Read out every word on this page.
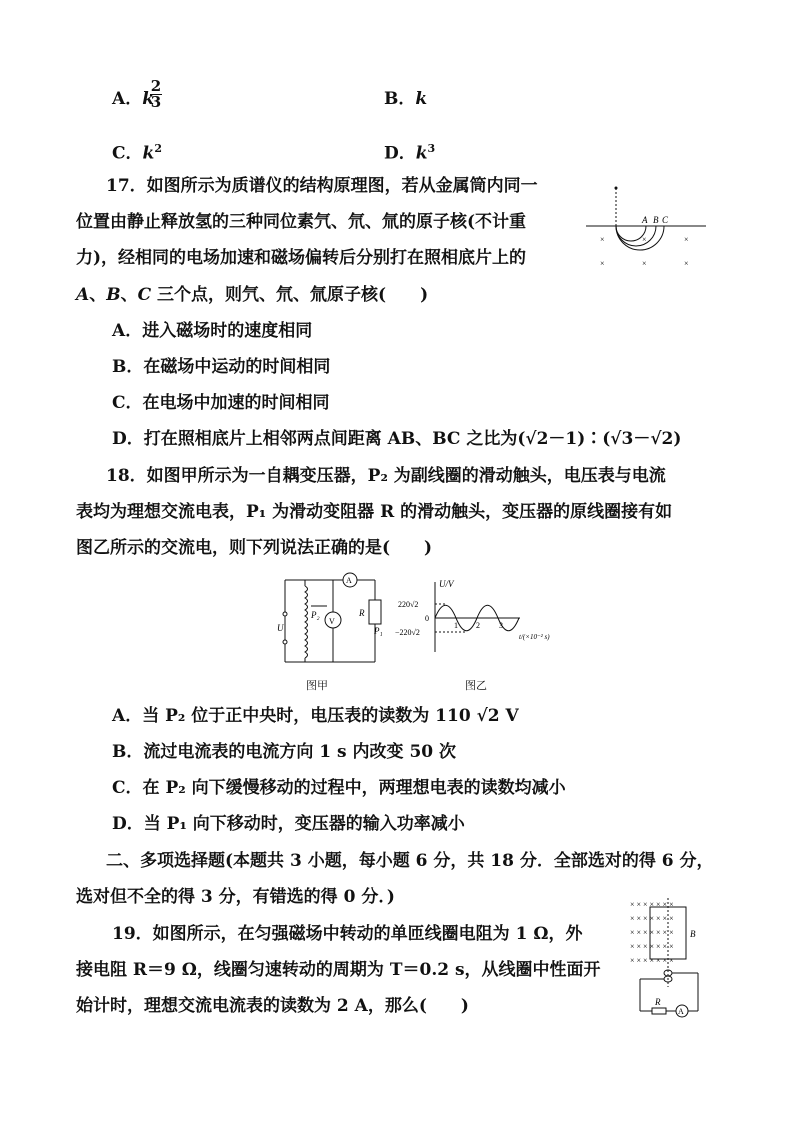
A．k
2
3	B．k
C．$k^2$	D．$k^3$
17．如图所示为质谱仪的结构原理图，若从金属筒内同一
位置由静止释放氢的三种同位素氕、氘、氚的原子核(不计重
力)，经相同的电场加速和磁场偏转后分别打在照相底片上的
A、B、C 三个点，则氕、氘、氚原子核(　　)
A．进入磁场时的速度相同
B．在磁场中运动的时间相同
C．在电场中加速的时间相同
D．打在照相底片上相邻两点间距离 AB、BC 之比为(√2－1)∶(√3－√2)
A B C
×	×	×
×	×	×
18．如图甲所示为一自耦变压器，P₂ 为副线圈的滑动触头，电压表与电流
表均为理想交流电表，P₁ 为滑动变阻器 R 的滑动触头，变压器的原线圈接有如
图乙所示的交流电，则下列说法正确的是(　　)
U
P₂
V
A
R
P₁
图甲
U/V
220√2
0
−220√2
1 2 3
t/(×10⁻² s)
图乙
A．当 P₂ 位于正中央时，电压表的读数为 110 √2 V
B．流过电流表的电流方向 1 s 内改变 50 次
C．在 P₂ 向下缓慢移动的过程中，两理想电表的读数均减小
D．当 P₁ 向下移动时，变压器的输入功率减小
二、多项选择题(本题共 3 小题，每小题 6 分，共 18 分．全部选对的得 6 分，
选对但不全的得 3 分，有错选的得 0 分．)
19．如图所示，在匀强磁场中转动的单匝线圈电阻为 1 Ω，外
接电阻 R＝9 Ω，线圈匀速转动的周期为 T＝0.2 s，从线圈中性面开
始计时，理想交流电流表的读数为 2 A，那么(　　)
× × × × × × ×
× × × × × × ×
× × × × × × ×
× × × × × × ×
× × × × × × ×
B
R
A
